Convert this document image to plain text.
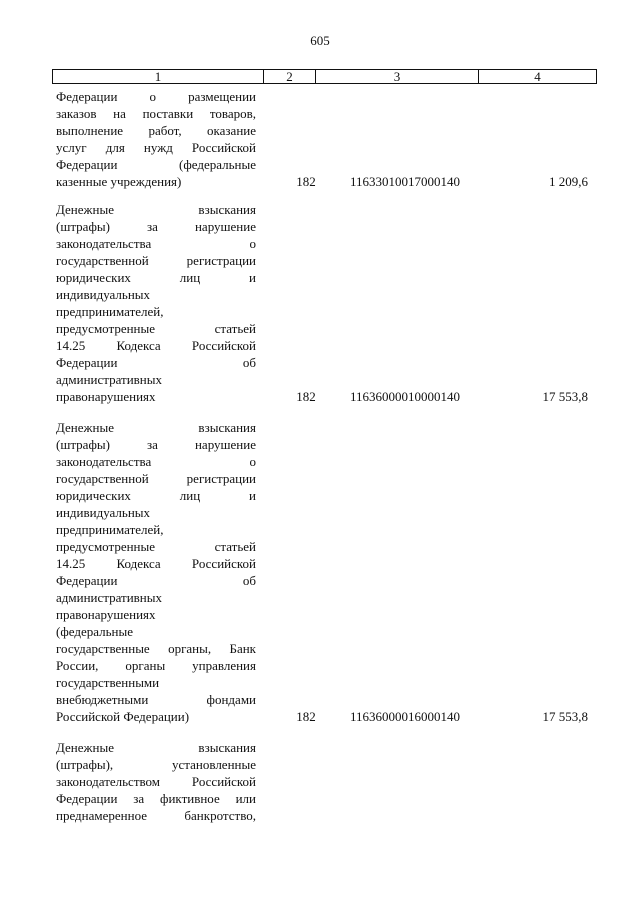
605
1	2	3	4
Федерации о размещении
заказов на поставки товаров,
выполнение работ, оказание
услуг для нужд Российской
Федерации (федеральные
казенные учреждения)	182	11633010017000140	1 209,6
Денежные взыскания
(штрафы) за нарушение
законодательства о
государственной регистрации
юридических лиц и
индивидуальных
предпринимателей,
предусмотренные статьей
14.25 Кодекса Российской
Федерации об
административных
правонарушениях	182	11636000010000140	17 553,8
Денежные взыскания
(штрафы) за нарушение
законодательства о
государственной регистрации
юридических лиц и
индивидуальных
предпринимателей,
предусмотренные статьей
14.25 Кодекса Российской
Федерации об
административных
правонарушениях
(федеральные
государственные органы, Банк
России, органы управления
государственными
внебюджетными фондами
Российской Федерации)	182	11636000016000140	17 553,8
Денежные взыскания
(штрафы), установленные
законодательством Российской
Федерации за фиктивное или
преднамеренное банкротство,
